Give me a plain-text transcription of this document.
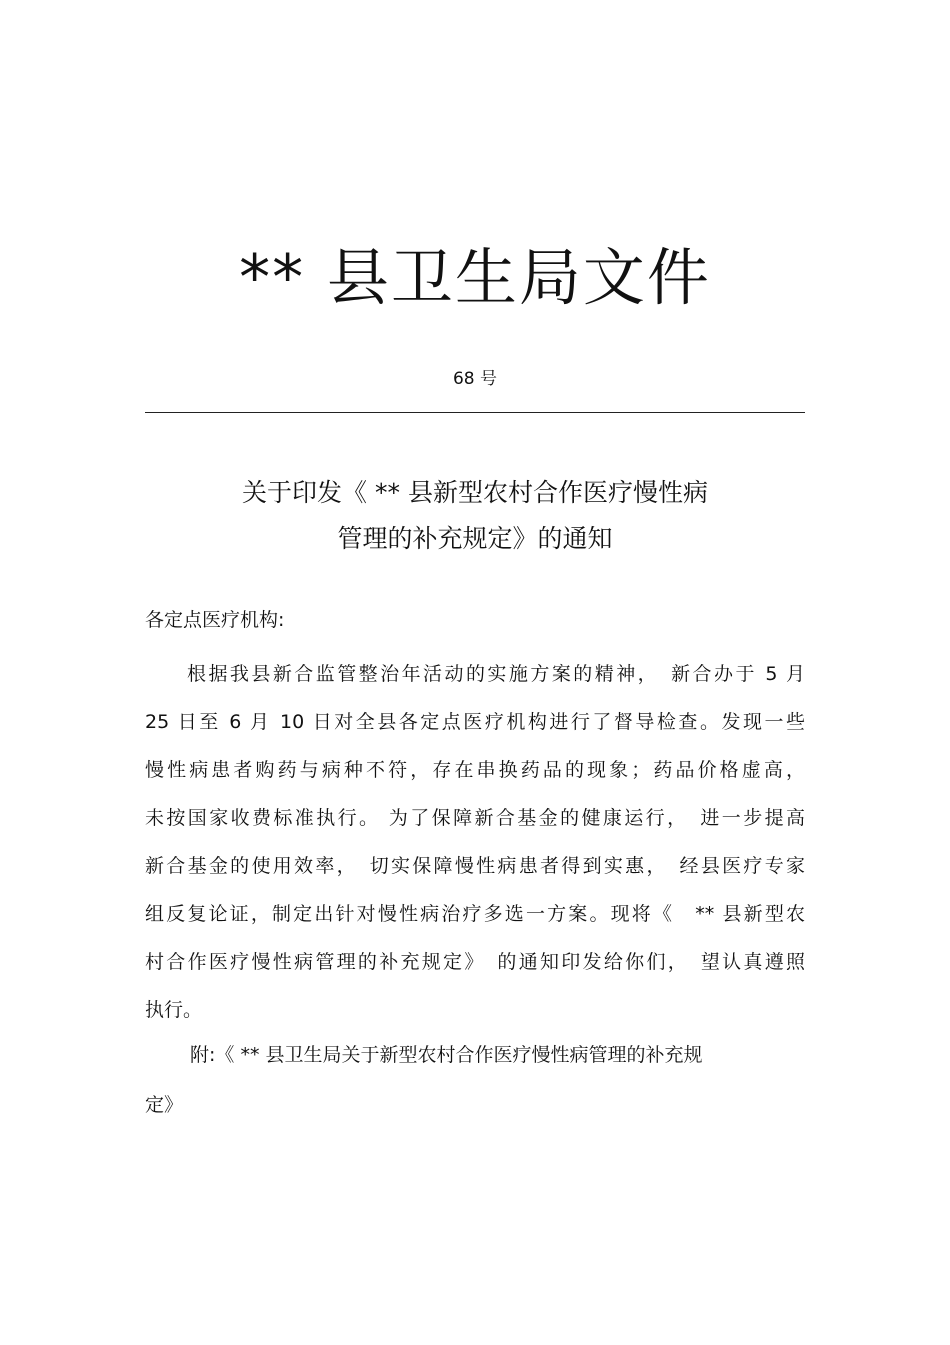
** 县卫生局文件
68 号
关于印发《 ** 县新型农村合作医疗慢性病
管理的补充规定》的通知
各定点医疗机构:
根据我县新合监管整治年活动的实施方案的精神，　新合办于 5 月
25 日至 6 月 10 日对全县各定点医疗机构进行了督导检查。发现一些
慢性病患者购药与病种不符，存在串换药品的现象；药品价格虚高，
未按国家收费标准执行。 为了保障新合基金的健康运行，　进一步提高
新合基金的使用效率，　切实保障慢性病患者得到实惠，　经县医疗专家
组反复论证，制定出针对慢性病治疗多选一方案。现将《　** 县新型农
村合作医疗慢性病管理的补充规定》　的通知印发给你们，　望认真遵照
执行。
附:《 ** 县卫生局关于新型农村合作医疗慢性病管理的补充规
定》
